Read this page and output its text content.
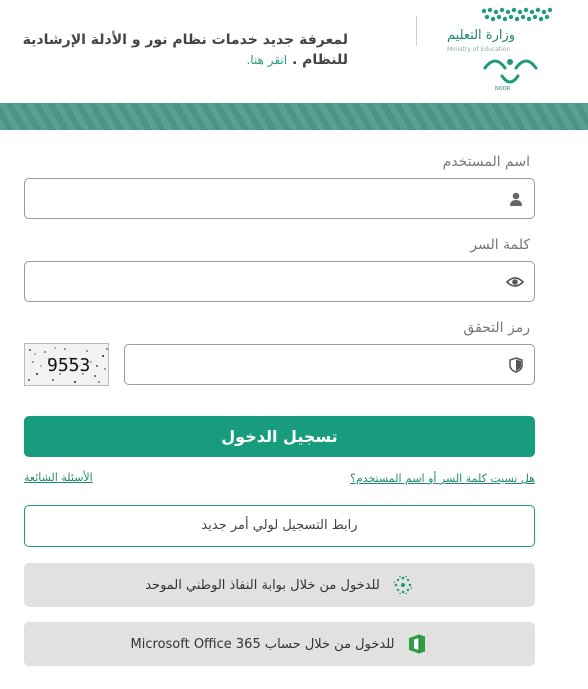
وزارة التعليم
Ministry of Education
NOOR
لمعرفة جديد خدمات نظام نور و الأدلة الإرشادية
للنظام . انقر هنا.
اسم المستخدم
كلمة السر
رمز التحقق
9553
تسجيل الدخول
هل نسيت كلمة السر أو اسم المستخدم؟
الأسئلة الشائعة
رابط التسجيل لولي أمر جديد
للدخول من خلال بوابة النفاذ الوطني الموحد
للدخول من خلال حساب Microsoft Office 365
